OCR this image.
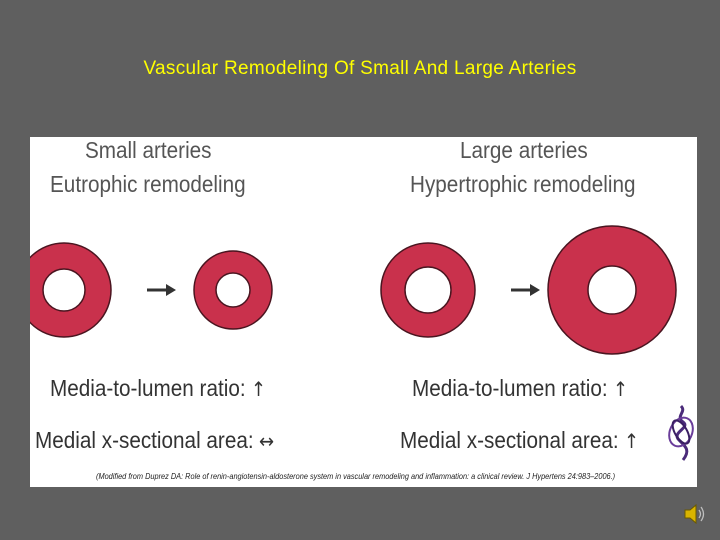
Vascular Remodeling Of Small And Large Arteries
Small arteries
Eutrophic remodeling
Large arteries
Hypertrophic remodeling
Media-to-lumen ratio: ↑
Medial x-sectional area: ↔
Media-to-lumen ratio: ↑
Medial x-sectional area: ↑
(Modified from Duprez DA: Role of renin-angiotensin-aldosterone system in vascular remodeling and inflammation: a clinical review. J Hypertens 24:983–2006.)
